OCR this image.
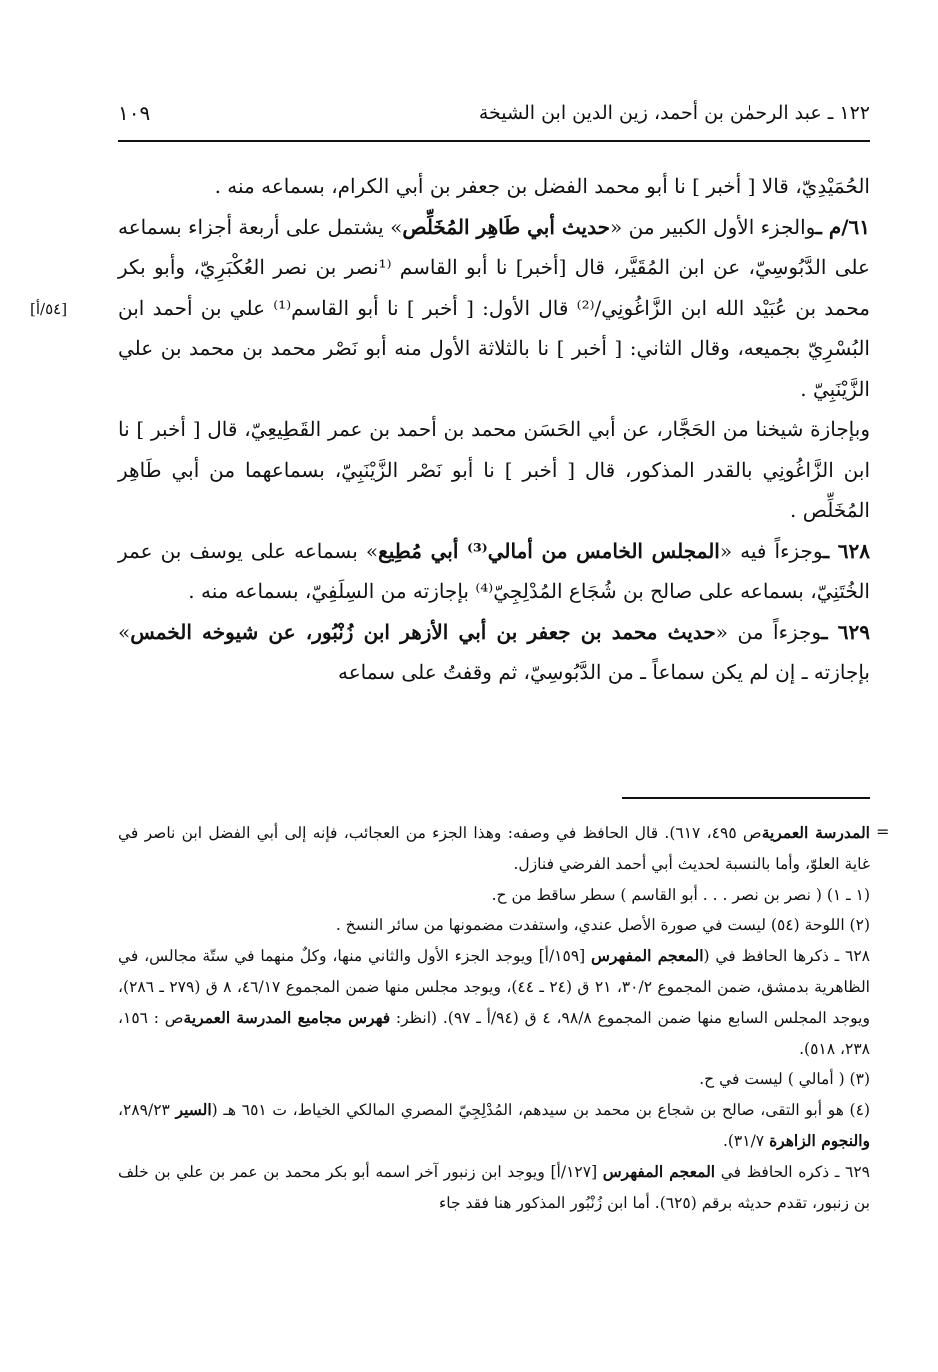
١٢٢ ـ عبد الرحمٰن بن أحمد، زين الدين ابن الشيخة
١٠٩
[٥٤/أ]

الحُمَيْدِيّ، قالا [ أخبر ] نا أبو محمد الفضل بن جعفر بن أبي الكرام، بسماعه منه .

٦١/م ـوالجزء الأول الكبير من «حديث أبي طَاهِر المُخَلِّص» يشتمل على أربعة أجزاء بسماعه على الدَّبُوسِيّ، عن ابن المُقَيَّر، قال [أخبر] نا أبو القاسم ⁽¹نصر بن نصر العُكْبَرِيّ، وأبو بكر محمد بن عُبَيْد الله ابن الزَّاغُونِي/⁽²⁾ قال الأول: [ أخبر ] نا أبو القاسم⁽¹⁾ علي بن أحمد ابن البُسْرِيّ بجميعه، وقال الثاني: [ أخبر ] نا بالثلاثة الأول منه أبو نَصْر محمد بن محمد بن علي الزَّيْنَبِيّ .

وبإجازة شيخنا من الحَجَّار، عن أبي الحَسَن محمد بن أحمد بن عمر القَطِيعِيّ، قال [ أخبر ] نا ابن الزَّاغُونِي بالقدر المذكور، قال [ أخبر ] نا أبو نَصْر الزَّيْنَبِيّ، بسماعهما من أبي طَاهِر المُخَلِّص .

٦٢٨ ـوجزءاً فيه «المجلس الخامس من أمالي⁽³⁾ أبي مُطِيع» بسماعه على يوسف بن عمر الخُتَنِيّ، بسماعه على صالح بن شُجَاع المُدْلِجِيّ⁽⁴⁾ بإجازته من السِلَفِيّ، بسماعه منه .

٦٢٩ ـوجزءاً من «حديث محمد بن جعفر بن أبي الأزهر ابن زُنْبُور، عن شيوخه الخمس» بإجازته ـ إن لم يكن سماعاً ـ من الدَّبُوسِيّ، ثم وقفتُ على سماعه

=

المدرسة العمريةص ٤٩٥، ٦١٧). قال الحافظ في وصفه: وهذا الجزء من العجائب، فإنه إلى أبي الفضل ابن ناصر في غاية العلوّ، وأما بالنسبة لحديث أبي أحمد الفرضي فنازل.

(١ ـ ١) ( نصر بن نصر . . . أبو القاسم ) سطر ساقط من ح.

(٢) اللوحة (٥٤) ليست في صورة الأصل عندي، واستفدت مضمونها من سائر النسخ .

٦٢٨ ـ ذكرها الحافظ في (المعجم المفهرس [١٥٩/أ] ويوجد الجزء الأول والثاني منها، وكلٌ منهما في ستّة مجالس، في الظاهرية بدمشق، ضمن المجموع ٣٠/٢، ٢١ ق (٢٤ ـ ٤٤)، ويوجد مجلس منها ضمن المجموع ٤٦/١٧، ٨ ق (٢٧٩ ـ ٢٨٦)، ويوجد المجلس السابع منها ضمن المجموع ٩٨/٨، ٤ ق (٩٤/أ ـ ٩٧). (انظر: فهرس مجاميع المدرسة العمريةص : ١٥٦، ٢٣٨، ٥١٨).

(٣) ( أمالي ) ليست في ح.

(٤) هو أبو التقى، صالح بن شجاع بن محمد بن سيدهم، المُدْلِجِيّ المصري المالكي الخياط، ت ٦٥١ هـ (السير ٢٨٩/٢٣، والنجوم الزاهرة ٣١/٧).

٦٢٩ ـ ذكره الحافظ في المعجم المفهرس [١٢٧/أ] ويوجد ابن زنبور آخر اسمه أبو بكر محمد بن عمر بن علي بن خلف بن زنبور، تقدم حديثه برقم (٦٢٥). أما ابن زُنْبُور المذكور هنا فقد جاء
